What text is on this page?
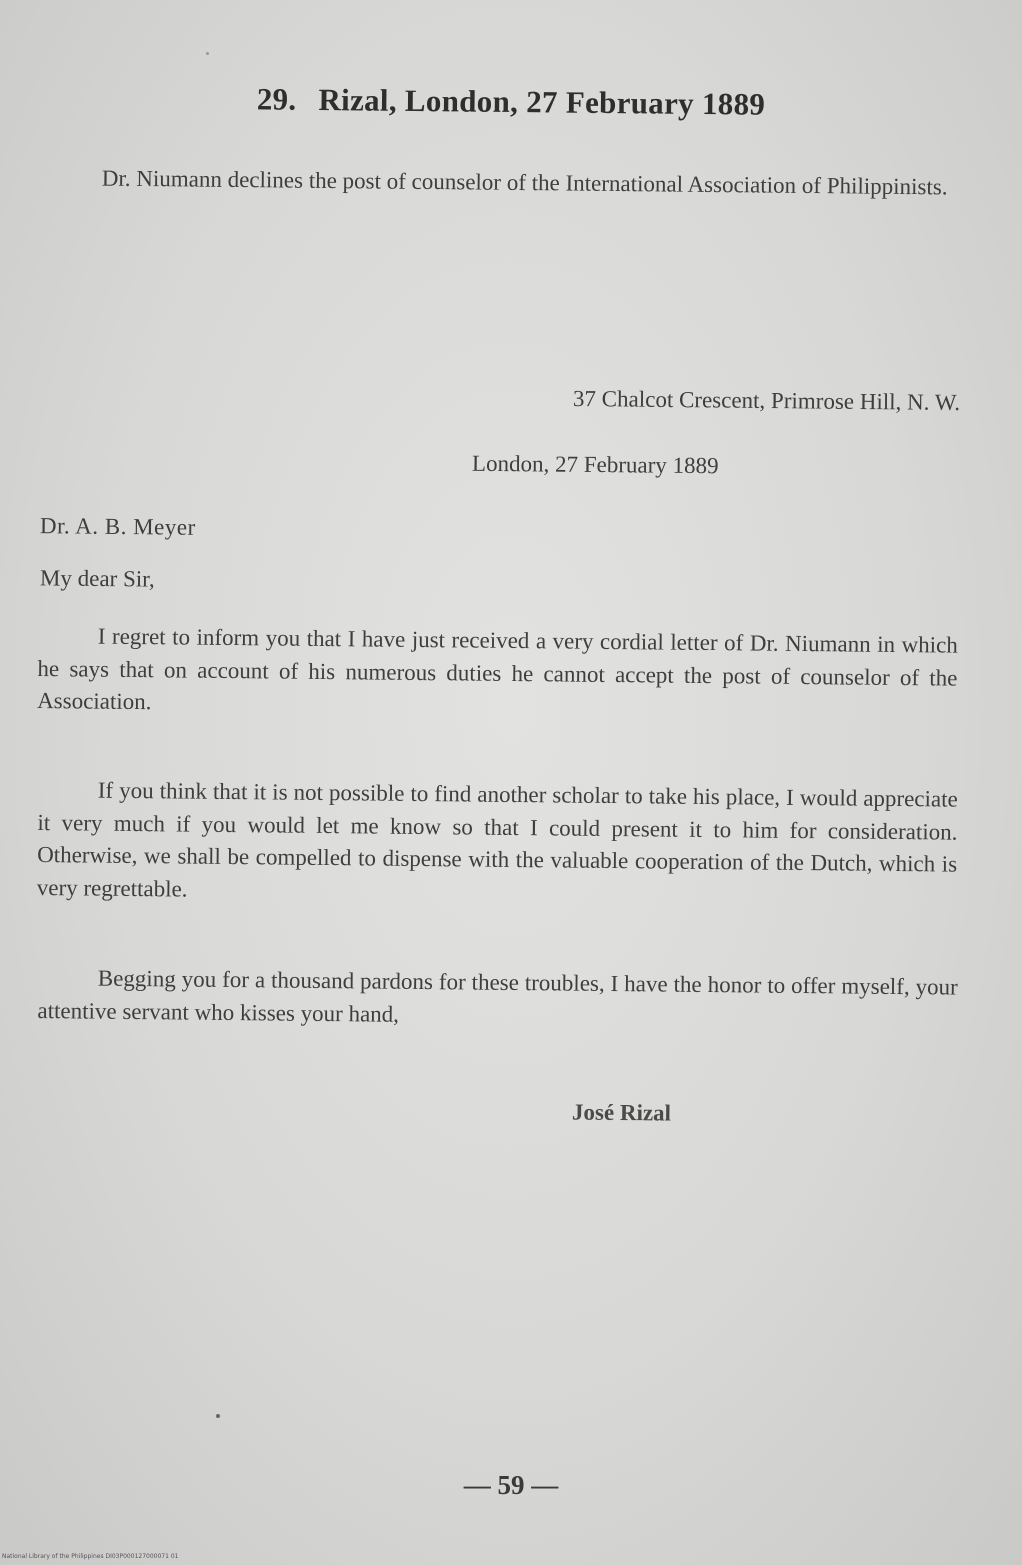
29. Rizal, London, 27 February 1889
Dr. Niumann declines the post of counselor of the International Association of Philippinists.
37 Chalcot Crescent, Primrose Hill, N. W.
London, 27 February 1889
Dr. A. B. Meyer
My dear Sir,
I regret to inform you that I have just received a very cordial letter of Dr. Niumann in which he says that on account of his numerous duties he cannot accept the post of counselor of the Association.
If you think that it is not possible to find another scholar to take his place, I would appreciate it very much if you would let me know so that I could present it to him for consideration. Otherwise, we shall be compelled to dispense with the valuable cooperation of the Dutch, which is very regrettable.
Begging you for a thousand pardons for these troubles, I have the honor to offer myself, your attentive servant who kisses your hand,
José Rizal
— 59 —
National Library of the Philippines DI03P000127000071 01
